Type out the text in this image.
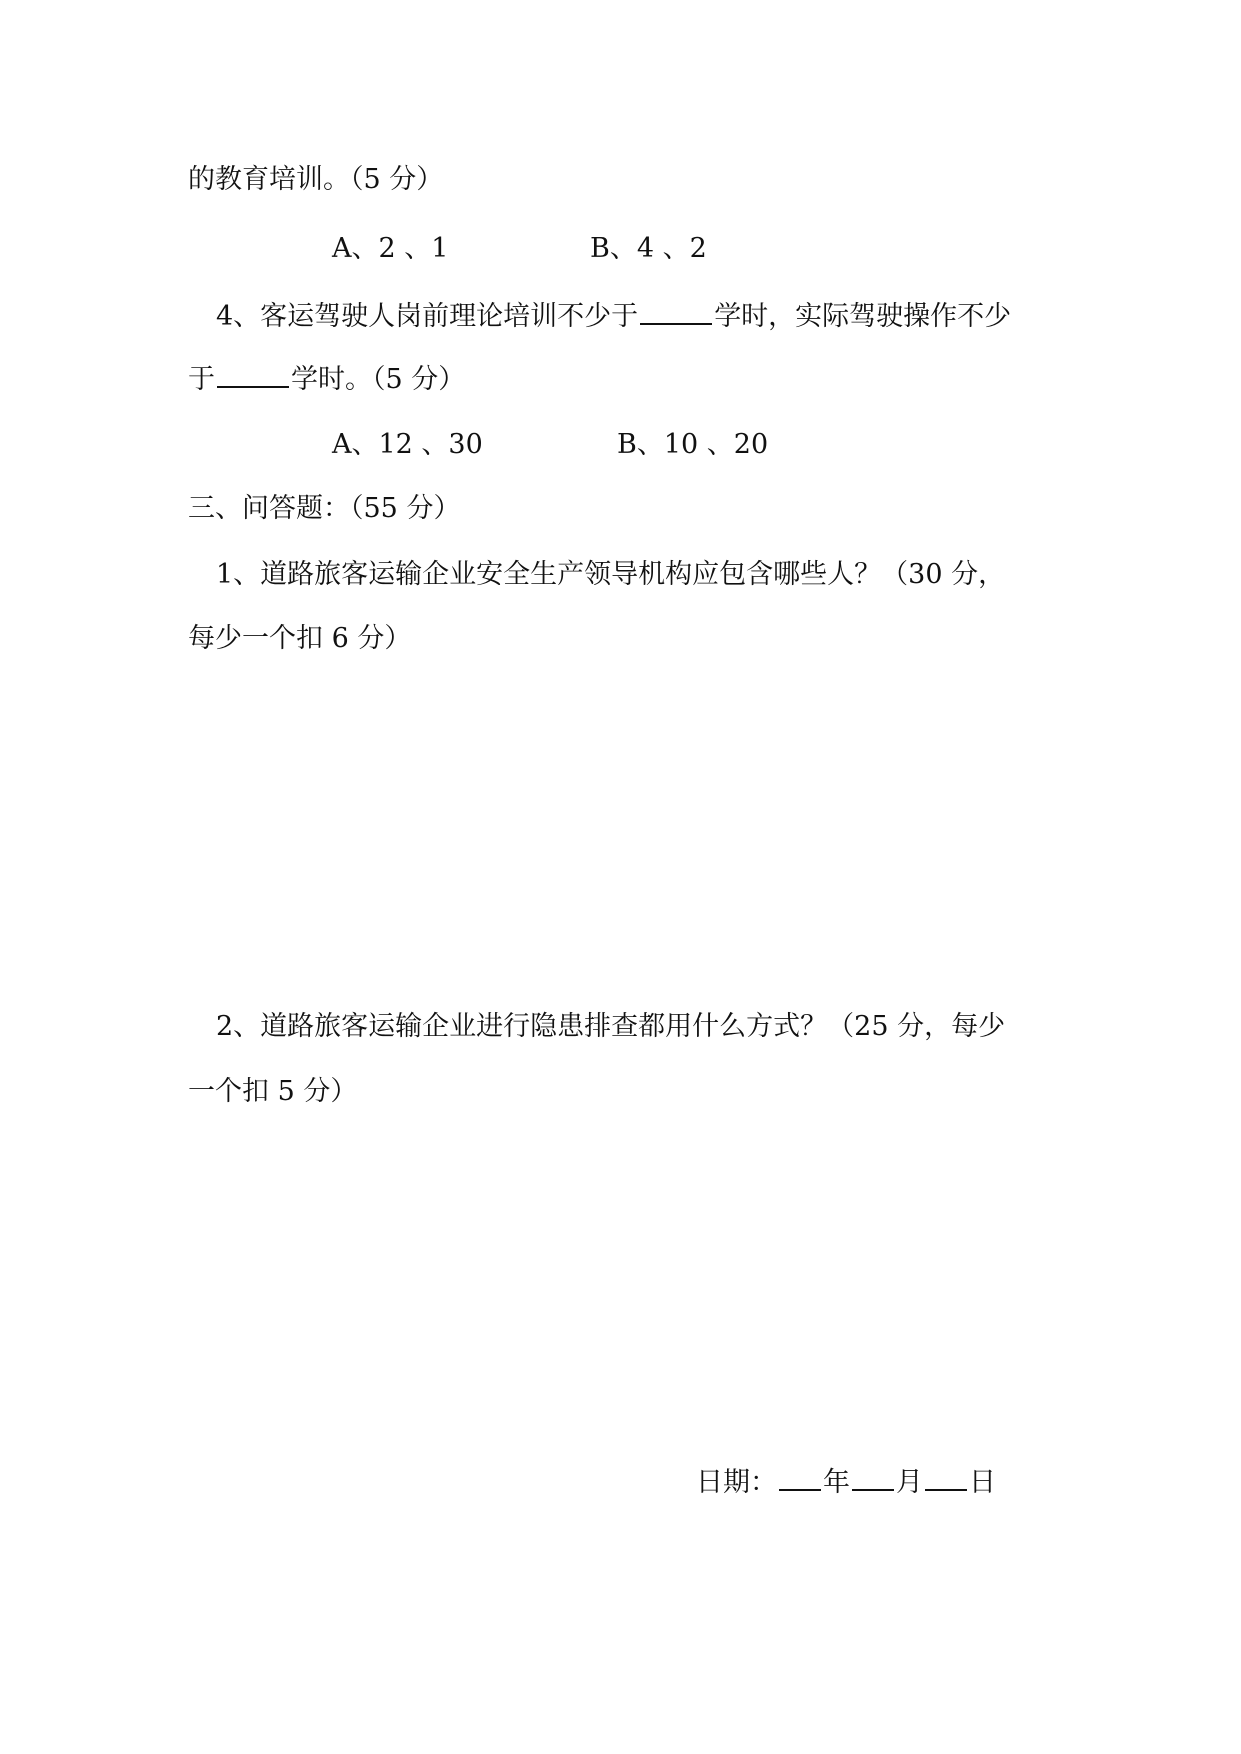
的教育培训。（5 分）
A、2 、1	B、4 、2
4、客运驾驶人岗前理论培训不少于	学时，实际驾驶操作不少
于	学时。（5 分）
A、12 、30	B、10 、20
三、问答题：（55 分）
1、道路旅客运输企业安全生产领导机构应包含哪些人？（30 分，
每少一个扣 6 分）
2、道路旅客运输企业进行隐患排查都用什么方式？（25 分，每少
一个扣 5 分）
日期： 年 月 日
